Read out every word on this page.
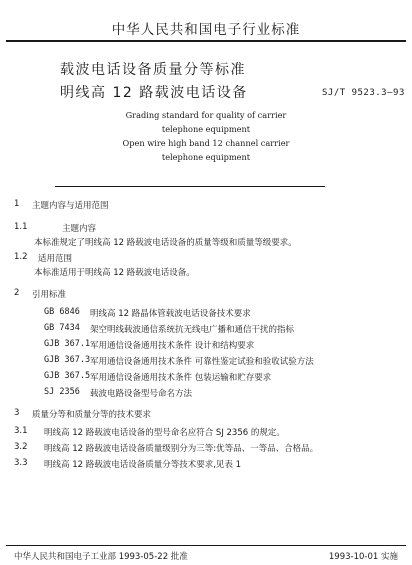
中华人民共和国电子行业标准
载波电话设备质量分等标准
明线高 12 路载波电话设备	SJ/T 9523.3—93
Grading standard for quality of carrier
telephone equipment
Open wire high band 12 channel carrier
telephone equipment
1 主题内容与适用范围
1.1	主题内容
本标准规定了明线高 12 路载波电话设备的质量等级和质量等级要求。
1.2 适用范围
本标准适用于明线高 12 路载波电话设备。
2 引用标准
GB 6846 明线高 12 路晶体管载波电话设备技术要求
GB 7434 架空明线载波通信系统抗无线电广播和通信干扰的指标
GJB 367.1 军用通信设备通用技术条件 设计和结构要求
GJB 367.3 军用通信设备通用技术条件 可靠性鉴定试验和验收试验方法
GJB 367.5 军用通信设备通用技术条件 包装运输和贮存要求
SJ 2356 载波电路设备型号命名方法
3 质量分等和质量分等的技术要求
3.1 明线高 12 路载波电话设备的型号命名应符合 SJ 2356 的规定。
3.2 明线高 12 路载波电话设备质量级别分为三等:优等品、一等品、合格品。
3.3 明线高 12 路载波电话设备质量分等技术要求,见表 1
中华人民共和国电子工业部 1993-05-22 批准	1993-10-01 实施
